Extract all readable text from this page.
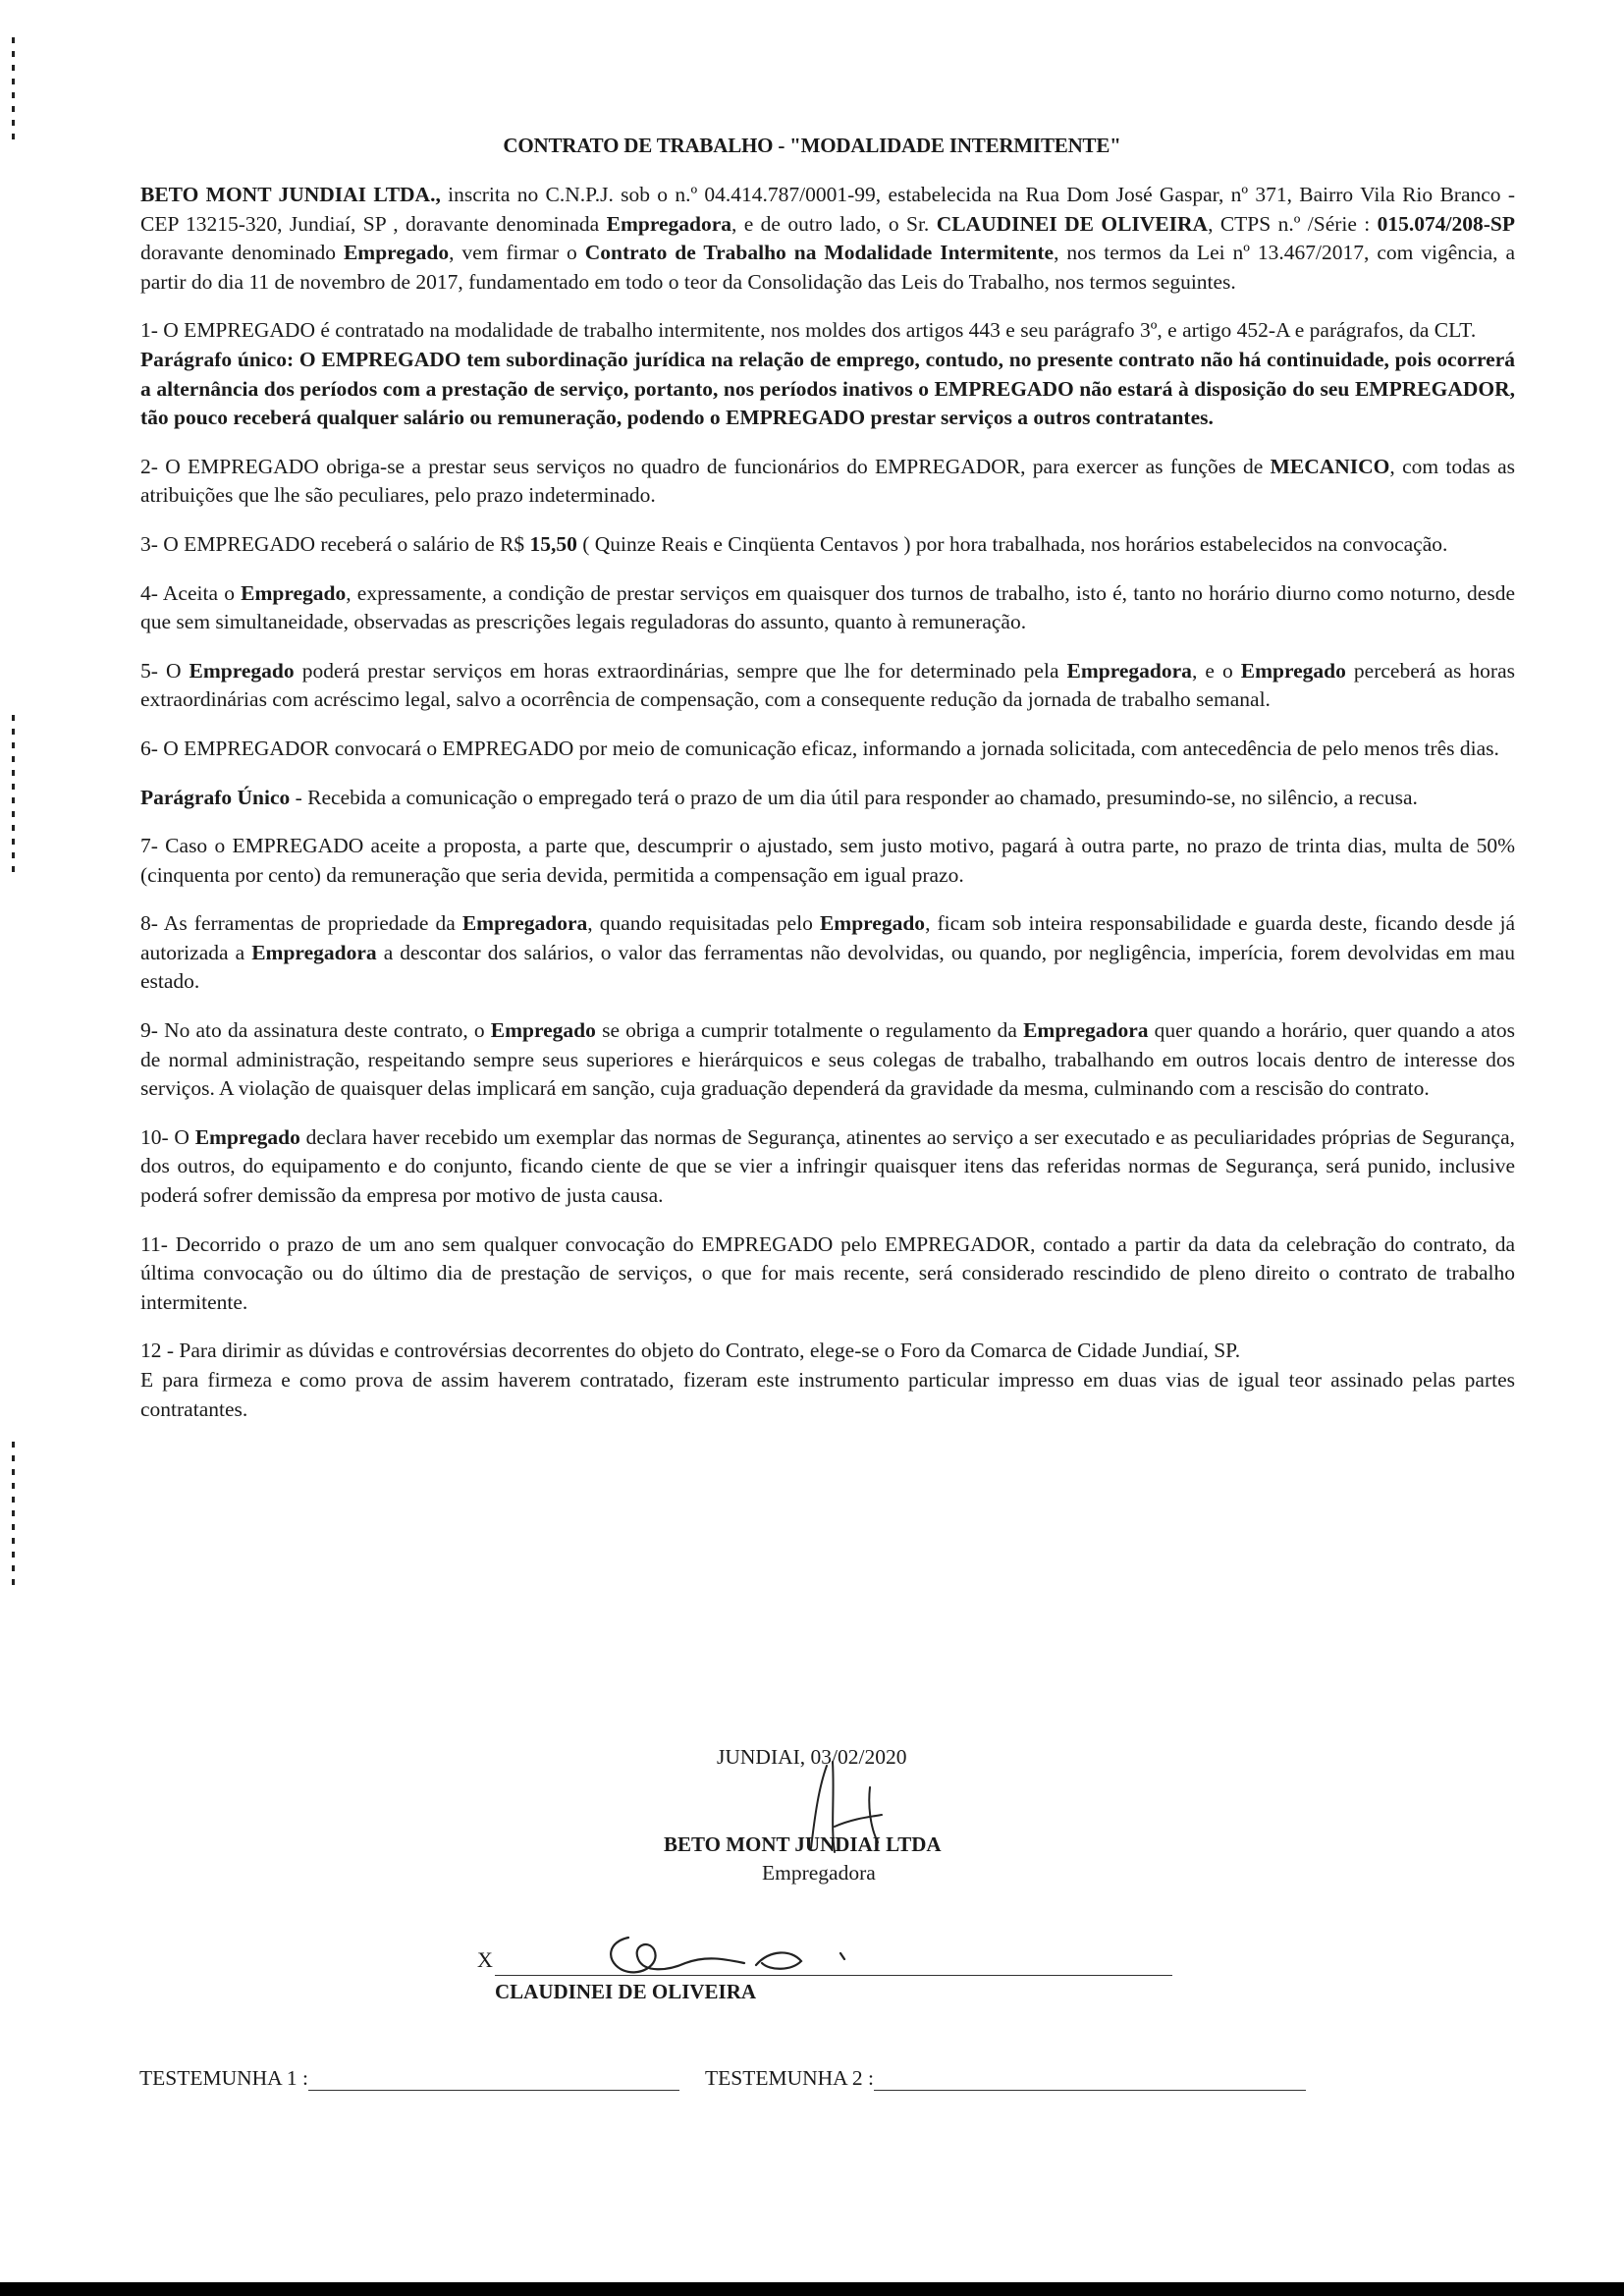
CONTRATO DE TRABALHO - "MODALIDADE INTERMITENTE"

BETO MONT JUNDIAI LTDA., inscrita no C.N.P.J. sob o n.º 04.414.787/0001-99, estabelecida na Rua Dom José Gaspar, nº 371, Bairro Vila Rio Branco - CEP 13215-320, Jundiaí, SP , doravante denominada Empregadora, e de outro lado, o Sr. CLAUDINEI DE OLIVEIRA, CTPS n.º /Série : 015.074/208-SP doravante denominado Empregado, vem firmar o Contrato de Trabalho na Modalidade Intermitente, nos termos da Lei nº 13.467/2017, com vigência, a partir do dia 11 de novembro de 2017, fundamentado em todo o teor da Consolidação das Leis do Trabalho, nos termos seguintes.

1- O EMPREGADO é contratado na modalidade de trabalho intermitente, nos moldes dos artigos 443 e seu parágrafo 3º, e artigo 452-A e parágrafos, da CLT.

Parágrafo único: O EMPREGADO tem subordinação jurídica na relação de emprego, contudo, no presente contrato não há continuidade, pois ocorrerá a alternância dos períodos com a prestação de serviço, portanto, nos períodos inativos o EMPREGADO não estará à disposição do seu EMPREGADOR, tão pouco receberá qualquer salário ou remuneração, podendo o EMPREGADO prestar serviços a outros contratantes.

2- O EMPREGADO obriga-se a prestar seus serviços no quadro de funcionários do EMPREGADOR, para exercer as funções de MECANICO, com todas as atribuições que lhe são peculiares, pelo prazo indeterminado.

3- O EMPREGADO receberá o salário de R$ 15,50 ( Quinze Reais e Cinqüenta Centavos ) por hora trabalhada, nos horários estabelecidos na convocação.

4- Aceita o Empregado, expressamente, a condição de prestar serviços em quaisquer dos turnos de trabalho, isto é, tanto no horário diurno como noturno, desde que sem simultaneidade, observadas as prescrições legais reguladoras do assunto, quanto à remuneração.

5- O Empregado poderá prestar serviços em horas extraordinárias, sempre que lhe for determinado pela Empregadora, e o Empregado perceberá as horas extraordinárias com acréscimo legal, salvo a ocorrência de compensação, com a consequente redução da jornada de trabalho semanal.

6- O EMPREGADOR convocará o EMPREGADO por meio de comunicação eficaz, informando a jornada solicitada, com antecedência de pelo menos três dias.

Parágrafo Único - Recebida a comunicação o empregado terá o prazo de um dia útil para responder ao chamado, presumindo-se, no silêncio, a recusa.

7- Caso o EMPREGADO aceite a proposta, a parte que, descumprir o ajustado, sem justo motivo, pagará à outra parte, no prazo de trinta dias, multa de 50% (cinquenta por cento) da remuneração que seria devida, permitida a compensação em igual prazo.

8- As ferramentas de propriedade da Empregadora, quando requisitadas pelo Empregado, ficam sob inteira responsabilidade e guarda deste, ficando desde já autorizada a Empregadora a descontar dos salários, o valor das ferramentas não devolvidas, ou quando, por negligência, imperícia, forem devolvidas em mau estado.

9- No ato da assinatura deste contrato, o Empregado se obriga a cumprir totalmente o regulamento da Empregadora quer quando a horário, quer quando a atos de normal administração, respeitando sempre seus superiores e hierárquicos e seus colegas de trabalho, trabalhando em outros locais dentro de interesse dos serviços. A violação de quaisquer delas implicará em sanção, cuja graduação dependerá da gravidade da mesma, culminando com a rescisão do contrato.

10- O Empregado declara haver recebido um exemplar das normas de Segurança, atinentes ao serviço a ser executado e as peculiaridades próprias de Segurança, dos outros, do equipamento e do conjunto, ficando ciente de que se vier a infringir quaisquer itens das referidas normas de Segurança, será punido, inclusive poderá sofrer demissão da empresa por motivo de justa causa.

11- Decorrido o prazo de um ano sem qualquer convocação do EMPREGADO pelo EMPREGADOR, contado a partir da data da celebração do contrato, da última convocação ou do último dia de prestação de serviços, o que for mais recente, será considerado rescindido de pleno direito o contrato de trabalho intermitente.

12 - Para dirimir as dúvidas e controvérsias decorrentes do objeto do Contrato, elege-se o Foro da Comarca de Cidade Jundiaí, SP.

E para firmeza e como prova de assim haverem contratado, fizeram este instrumento particular impresso em duas vias de igual teor assinado pelas partes contratantes.

JUNDIAI, 03/02/2020
BETO MONT JUNDIAI LTDA
Empregadora
X
CLAUDINEI DE OLIVEIRA
TESTEMUNHA 1 :	TESTEMUNHA 2 :
